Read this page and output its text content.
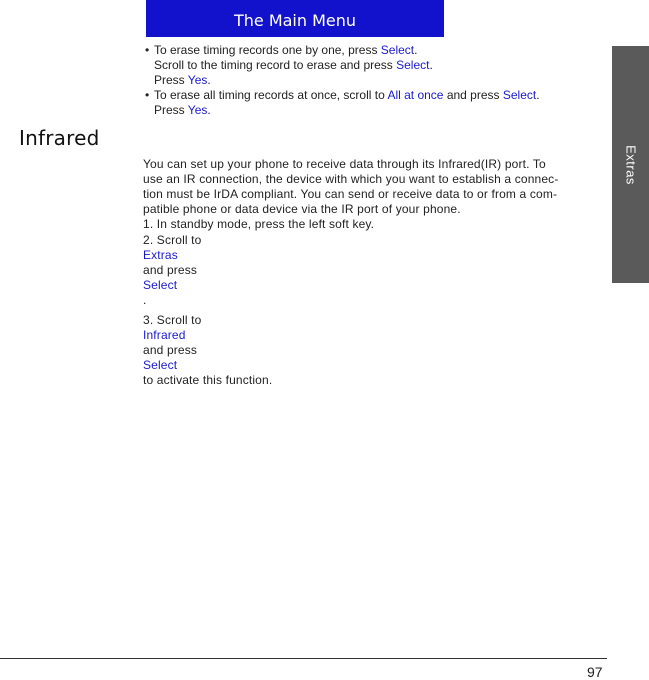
The Main Menu
Extras
• To erase timing records one by one, press Select.
Scroll to the timing record to erase and press Select.
Press Yes.
• To erase all timing records at once, scroll to All at once and press Select.
Press Yes.
Infrared
You can set up your phone to receive data through its Infrared(IR) port. To
use an IR connection, the device with which you want to establish a connec-
tion must be IrDA compliant. You can send or receive data to or from a com-
patible phone or data device via the IR port of your phone.
1. In standby mode, press the left soft key.
2. Scroll to
Extras
and press
Select
.
3. Scroll to
Infrared
and press
Select
to activate this function.
97
